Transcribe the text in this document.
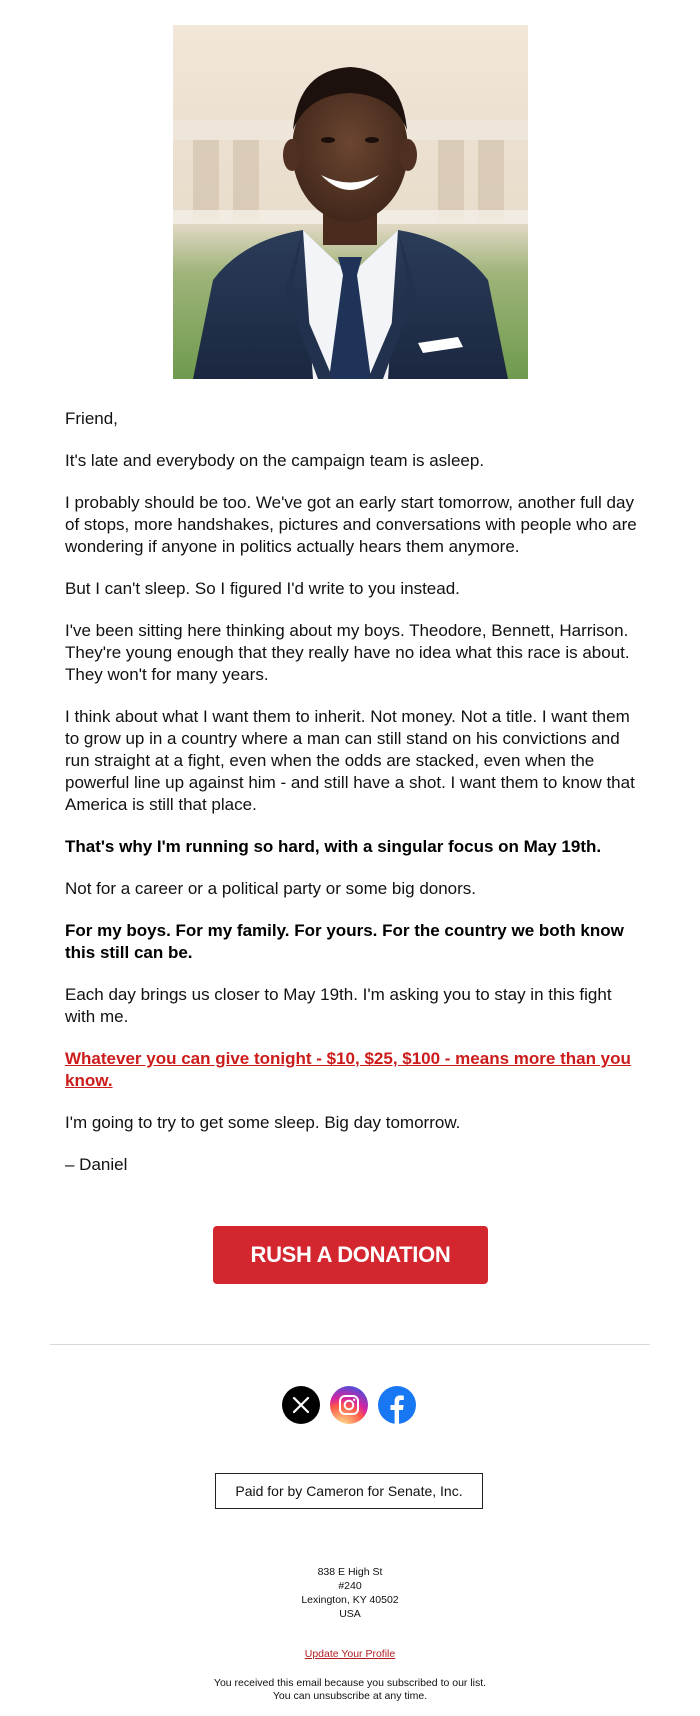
Friend,

It's late and everybody on the campaign team is asleep.

I probably should be too. We've got an early start tomorrow, another full day of stops, more handshakes, pictures and conversations with people who are wondering if anyone in politics actually hears them anymore.

But I can't sleep. So I figured I'd write to you instead.

I've been sitting here thinking about my boys. Theodore, Bennett, Harrison. They're young enough that they really have no idea what this race is about. They won't for many years.

I think about what I want them to inherit. Not money. Not a title. I want them to grow up in a country where a man can still stand on his convictions and run straight at a fight, even when the odds are stacked, even when the powerful line up against him - and still have a shot. I want them to know that America is still that place.

That's why I'm running so hard, with a singular focus on May 19th.

Not for a career or a political party or some big donors.

For my boys. For my family. For yours. For the country we both know this still can be.

Each day brings us closer to May 19th. I'm asking you to stay in this fight with me.

Whatever you can give tonight - $10, $25, $100 - means more than you know.

I'm going to try to get some sleep. Big day tomorrow.

– Daniel

RUSH A DONATION
Paid for by Cameron for Senate, Inc.
838 E High St
#240
Lexington, KY 40502
USA
Update Your Profile
You received this email because you subscribed to our list.
You can unsubscribe at any time.
